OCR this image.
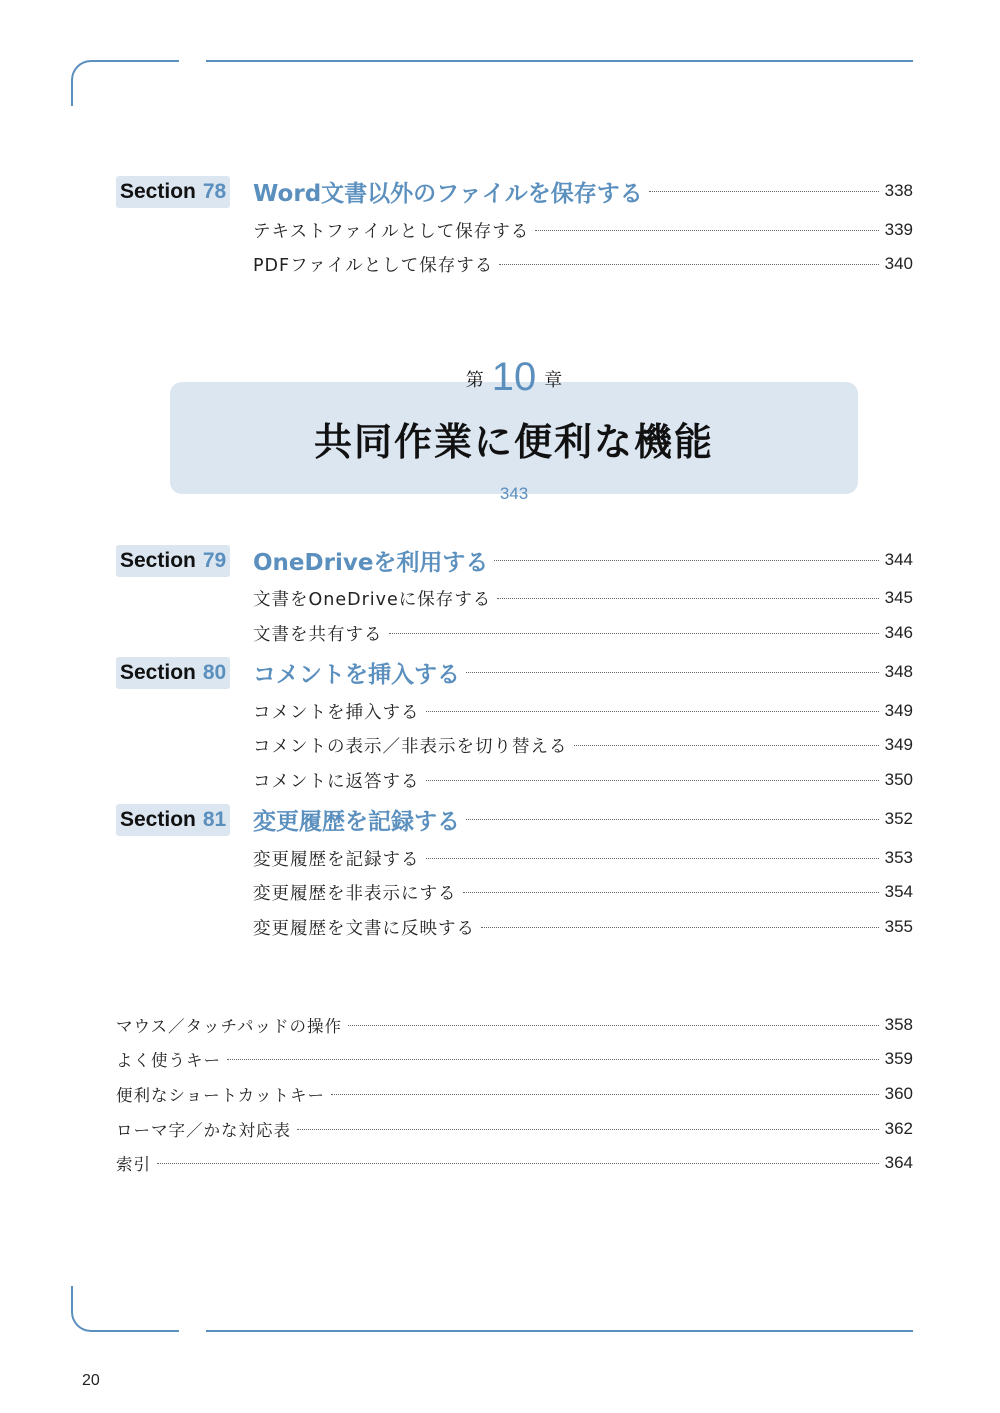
Section 78 Word文書以外のファイルを保存する	338
テキストファイルとして保存する	339
PDFファイルとして保存する	340
共同作業に便利な機能
第 10 章
343
Section 79 OneDriveを利用する	344
文書をOneDriveに保存する	345
文書を共有する	346
Section 80 コメントを挿入する	348
コメントを挿入する	349
コメントの表示／非表示を切り替える	349
コメントに返答する	350
Section 81 変更履歴を記録する	352
変更履歴を記録する	353
変更履歴を非表示にする	354
変更履歴を文書に反映する	355
マウス／タッチパッドの操作	358
よく使うキー	359
便利なショートカットキー	360
ローマ字／かな対応表	362
索引	364
20
